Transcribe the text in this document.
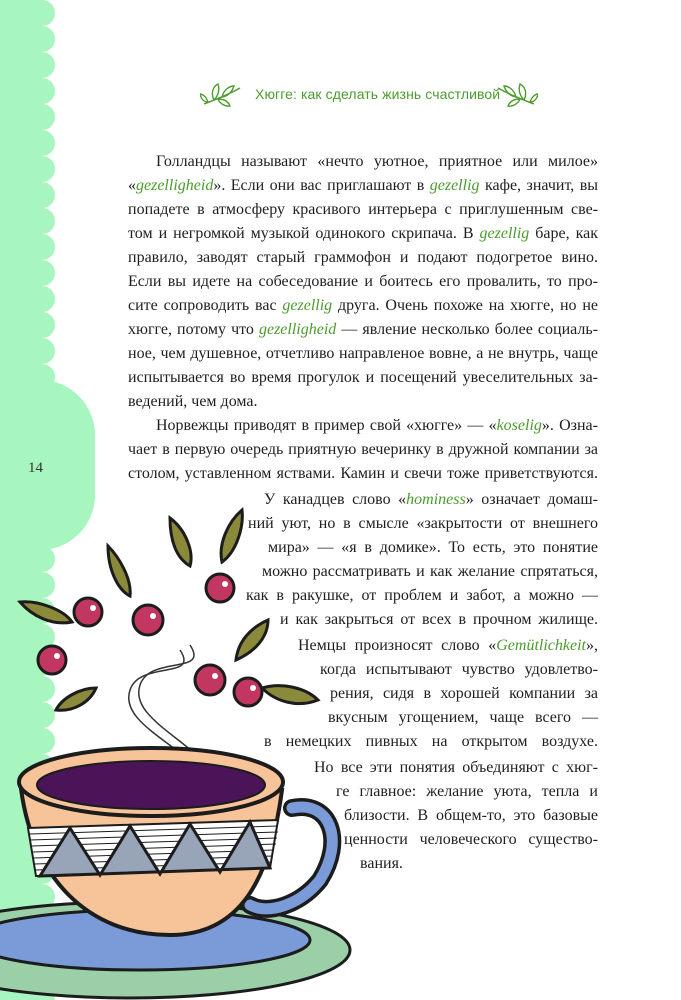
14
Хюгге: как сделать жизнь счастливой
Голландцы называют «нечто уютное, приятное или милое»
«gezelligheid». Если они вас приглашают в gezellig кафе, значит, вы
попадете в атмосферу красивого интерьера с приглушенным све-
том и негромкой музыкой одинокого скрипача. В gezellig баре, как
правило, заводят старый граммофон и подают подогретое вино.
Если вы идете на собеседование и боитесь его провалить, то про-
сите сопроводить вас gezellig друга. Очень похоже на хюгге, но не
хюгге, потому что gezelligheid — явление несколько более социаль-
ное, чем душевное, отчетливо направленое вовне, а не внутрь, чаще
испытывается во время прогулок и посещений увеселительных за-
ведений, чем дома.
Норвежцы приводят в пример свой «хюгге» — «koselig». Озна-
чает в первую очередь приятную вечеринку в дружной компании за
столом, уставленном яствами. Камин и свечи тоже приветствуются.
У канадцев слово «hominess» означает домаш-
ний уют, но в смысле «закрытости от внешнего
мира» — «я в домике». То есть, это понятие
можно рассматривать и как желание спрятаться,
как в ракушке, от проблем и забот, а можно —
и как закрыться от всех в прочном жилище.
Немцы произносят слово «Gemütlichkeit»,
когда испытывают чувство удовлетво-
рения, сидя в хорошей компании за
вкусным угощением, чаще всего —
в немецких пивных на открытом воздухе.
Но все эти понятия объединяют с хюг-
ге главное: желание уюта, тепла и
близости. В общем-то, это базовые
ценности человеческого существо-
вания.
